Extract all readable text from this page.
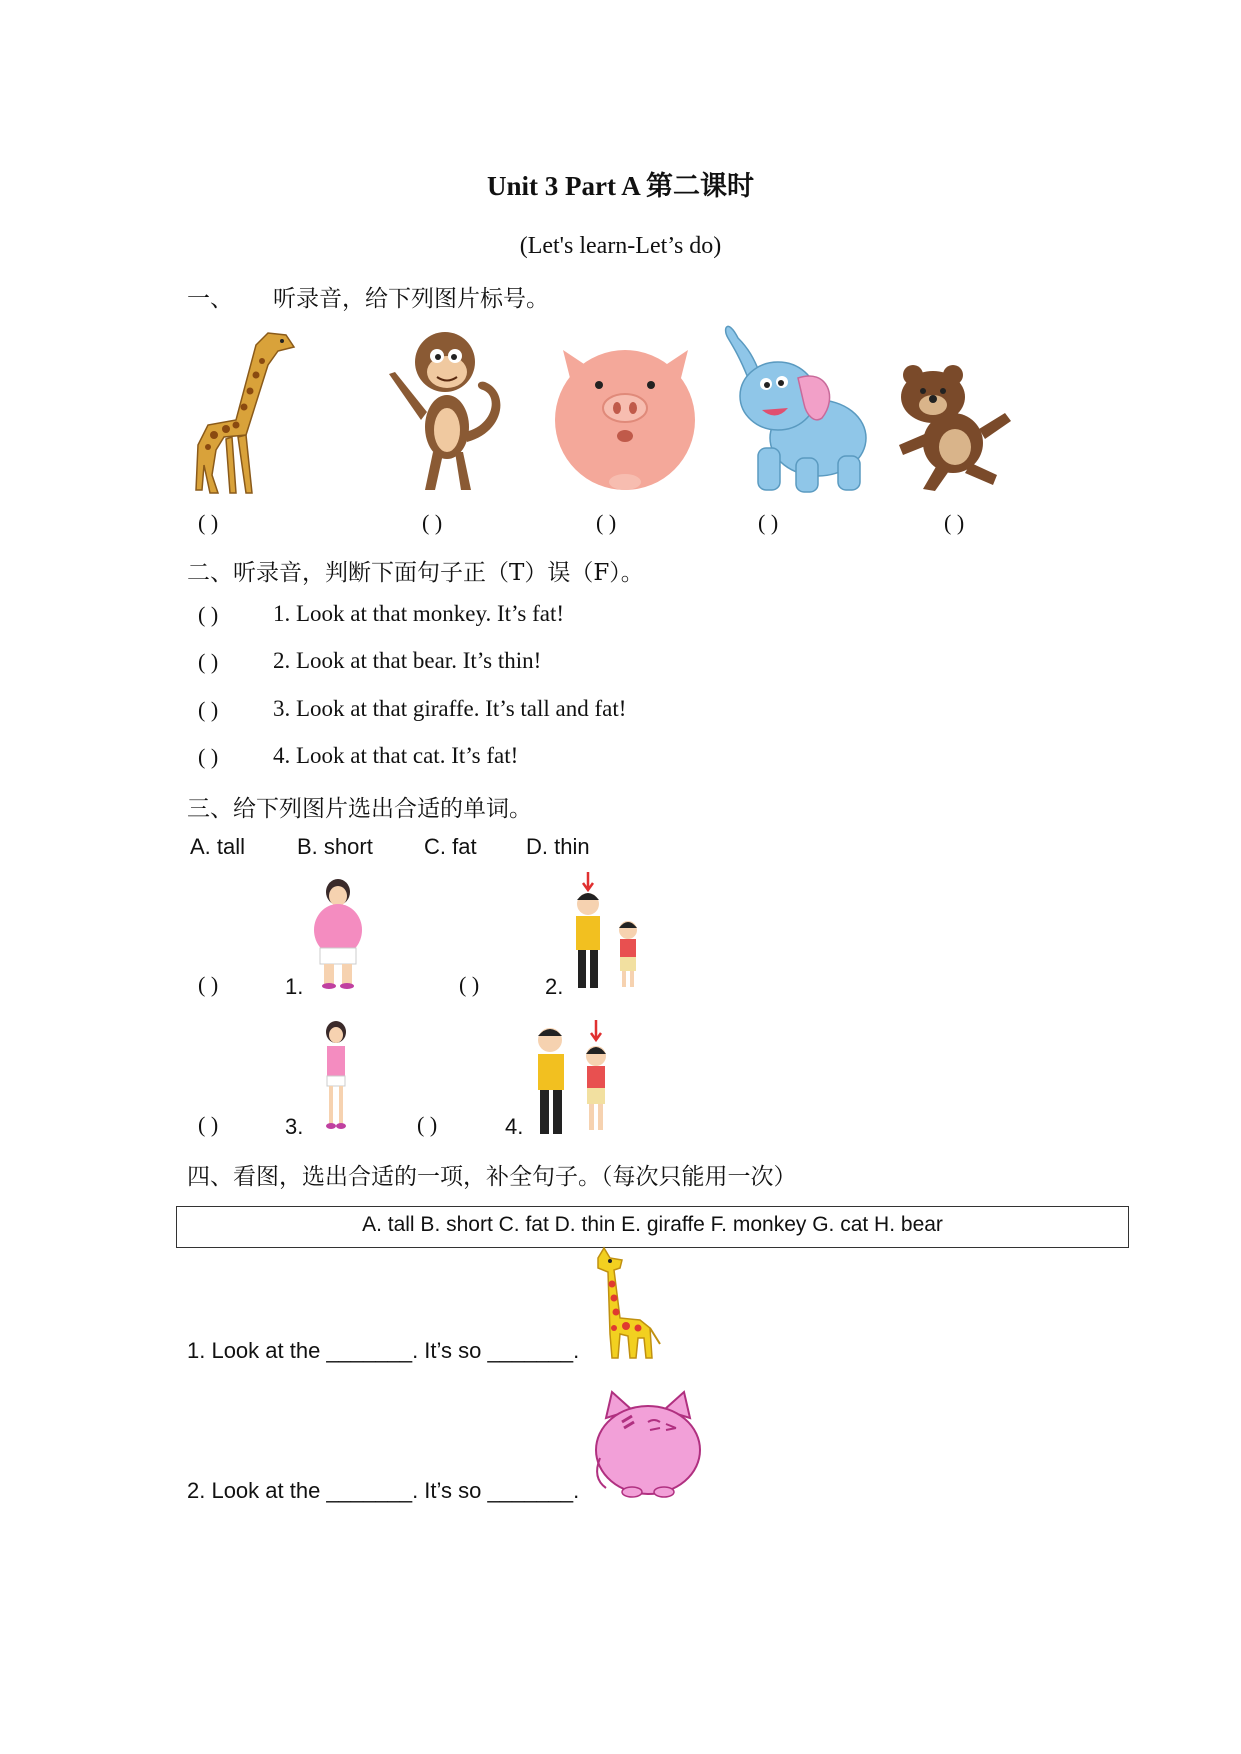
Unit 3 Part A 第二课时
(Let's learn-Let’s do)
一、 听录音，给下列图片标号。
( )	( )	( )	( )	( )
二、听录音，判断下面句子正（T）误（F）。
( ) 1. Look at that monkey. It’s fat!
( ) 2. Look at that bear. It’s thin!
( ) 3. Look at that giraffe. It’s tall and fat!
( ) 4. Look at that cat. It’s fat!
三、给下列图片选出合适的单词。
A. tall B. short C. fat D. thin
( )	1.	( )	2.
( )	3.	( )	4.
四、看图，选出合适的一项，补全句子。（每次只能用一次）
A. tall B. short C. fat D. thin E. giraffe F. monkey G. cat H. bear
1. Look at the _______. It’s so _______.
2. Look at the _______. It’s so _______.
